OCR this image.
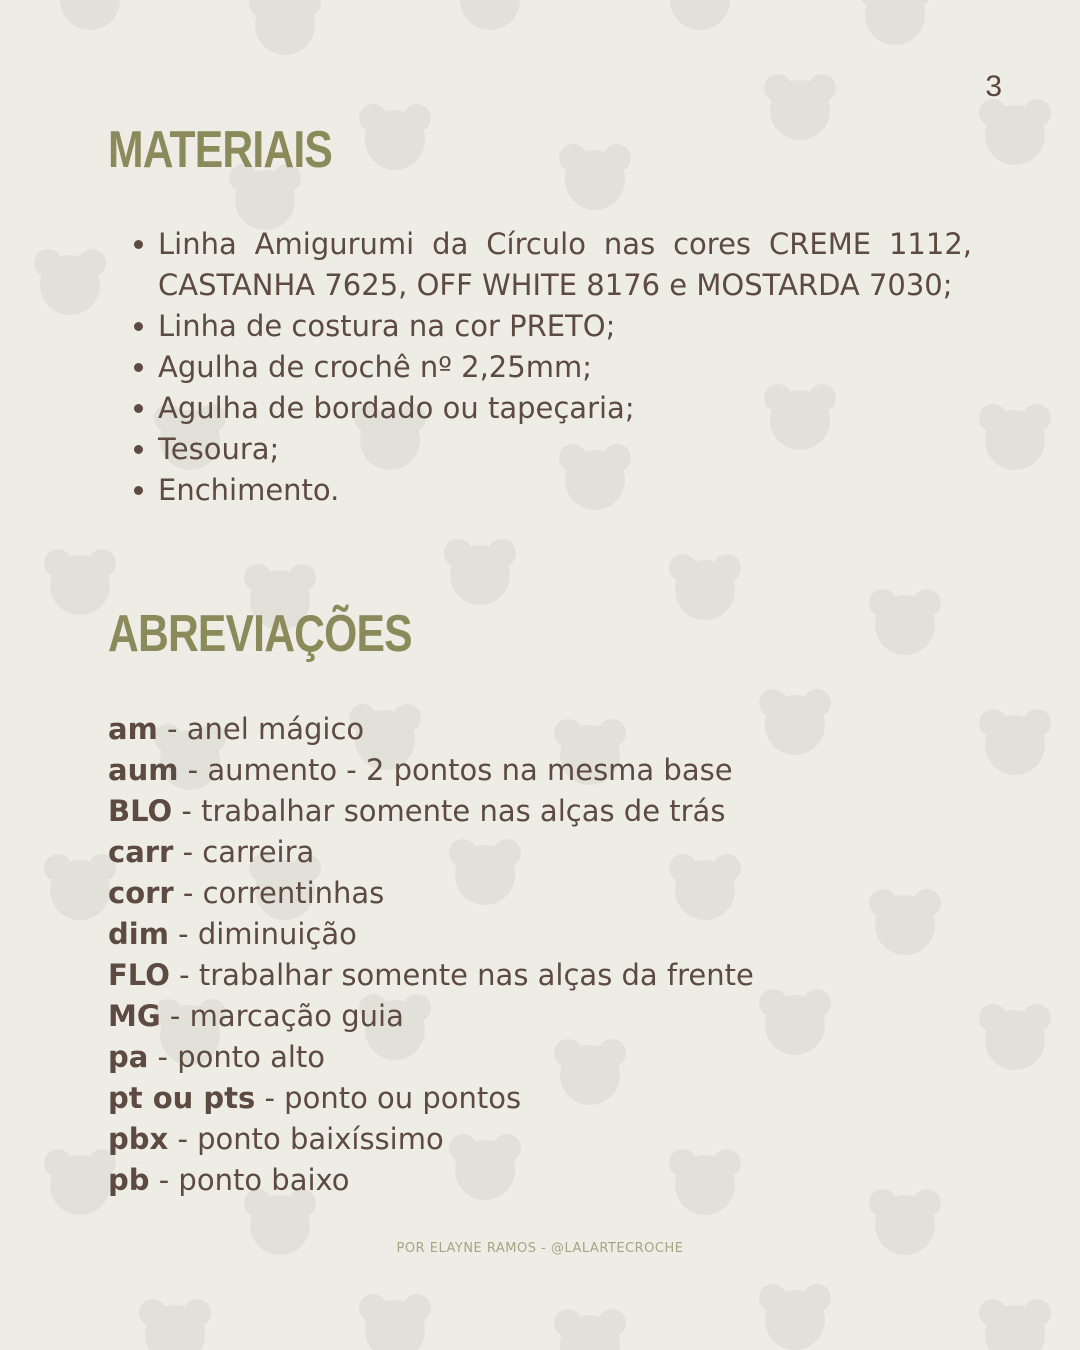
3
MATERIAIS
Linha Amigurumi da Círculo nas cores CREME 1112, CASTANHA 7625, OFF WHITE 8176 e MOSTARDA 7030;
Linha de costura na cor PRETO;
Agulha de crochê nº 2,25mm;
Agulha de bordado ou tapeçaria;
Tesoura;
Enchimento.
ABREVIAÇÕES
am - anel mágico
aum - aumento - 2 pontos na mesma base
BLO - trabalhar somente nas alças de trás
carr - carreira
corr - correntinhas
dim - diminuição
FLO - trabalhar somente nas alças da frente
MG - marcação guia
pa - ponto alto
pt ou pts - ponto ou pontos
pbx - ponto baixíssimo
pb - ponto baixo
POR ELAYNE RAMOS - @LALARTECROCHE
